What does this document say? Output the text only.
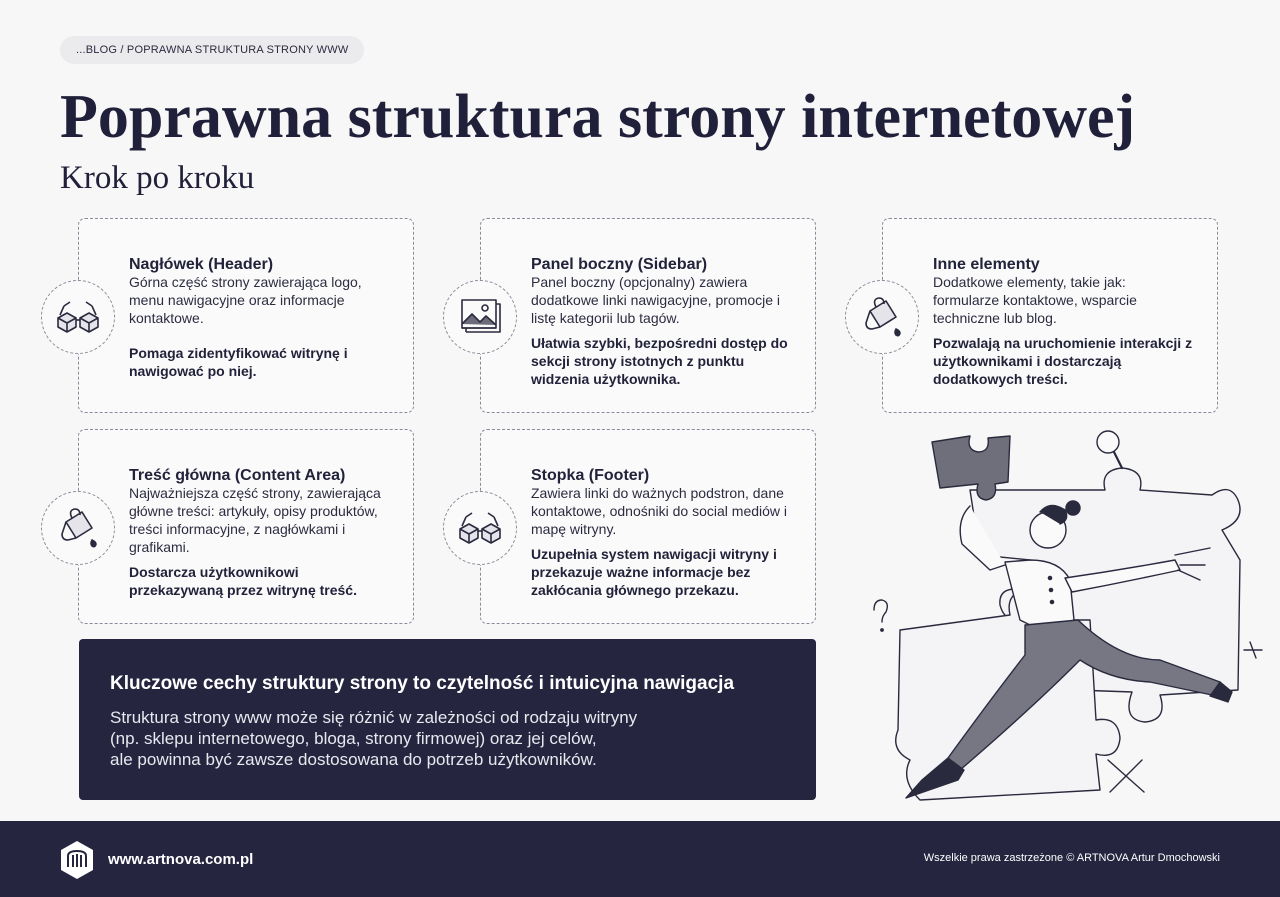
...BLOG / POPRAWNA STRUKTURA STRONY WWW
Poprawna struktura strony internetowej
Krok po kroku
Nagłówek (Header)
Górna część strony zawierająca logo, menu nawigacyjne oraz informacje kontaktowe.
Pomaga zidentyfikować witrynę i nawigować po niej.
Panel boczny (Sidebar)
Panel boczny (opcjonalny) zawiera dodatkowe linki nawigacyjne, promocje i listę kategorii lub tagów.
Ułatwia szybki, bezpośredni dostęp do sekcji strony istotnych z punktu widzenia użytkownika.
Inne elementy
Dodatkowe elementy, takie jak: formularze kontaktowe, wsparcie techniczne lub blog.
Pozwalają na uruchomienie interakcji z użytkownikami i dostarczają dodatkowych treści.
Treść główna (Content Area)
Najważniejsza część strony, zawierająca główne treści: artykuły, opisy produktów, treści informacyjne, z nagłówkami i grafikami.
Dostarcza użytkownikowi przekazywaną przez witrynę treść.
Stopka (Footer)
Zawiera linki do ważnych podstron, dane kontaktowe, odnośniki do social mediów i mapę witryny.
Uzupełnia system nawigacji witryny i przekazuje ważne informacje bez zakłócania głównego przekazu.
Kluczowe cechy struktury strony to czytelność i intuicyjna nawigacja
Struktura strony www może się różnić w zależności od rodzaju witryny
(np. sklepu internetowego, bloga, strony firmowej) oraz jej celów,
ale powinna być zawsze dostosowana do potrzeb użytkowników.
www.artnova.com.pl	Wszelkie prawa zastrzeżone © ARTNOVA Artur Dmochowski
